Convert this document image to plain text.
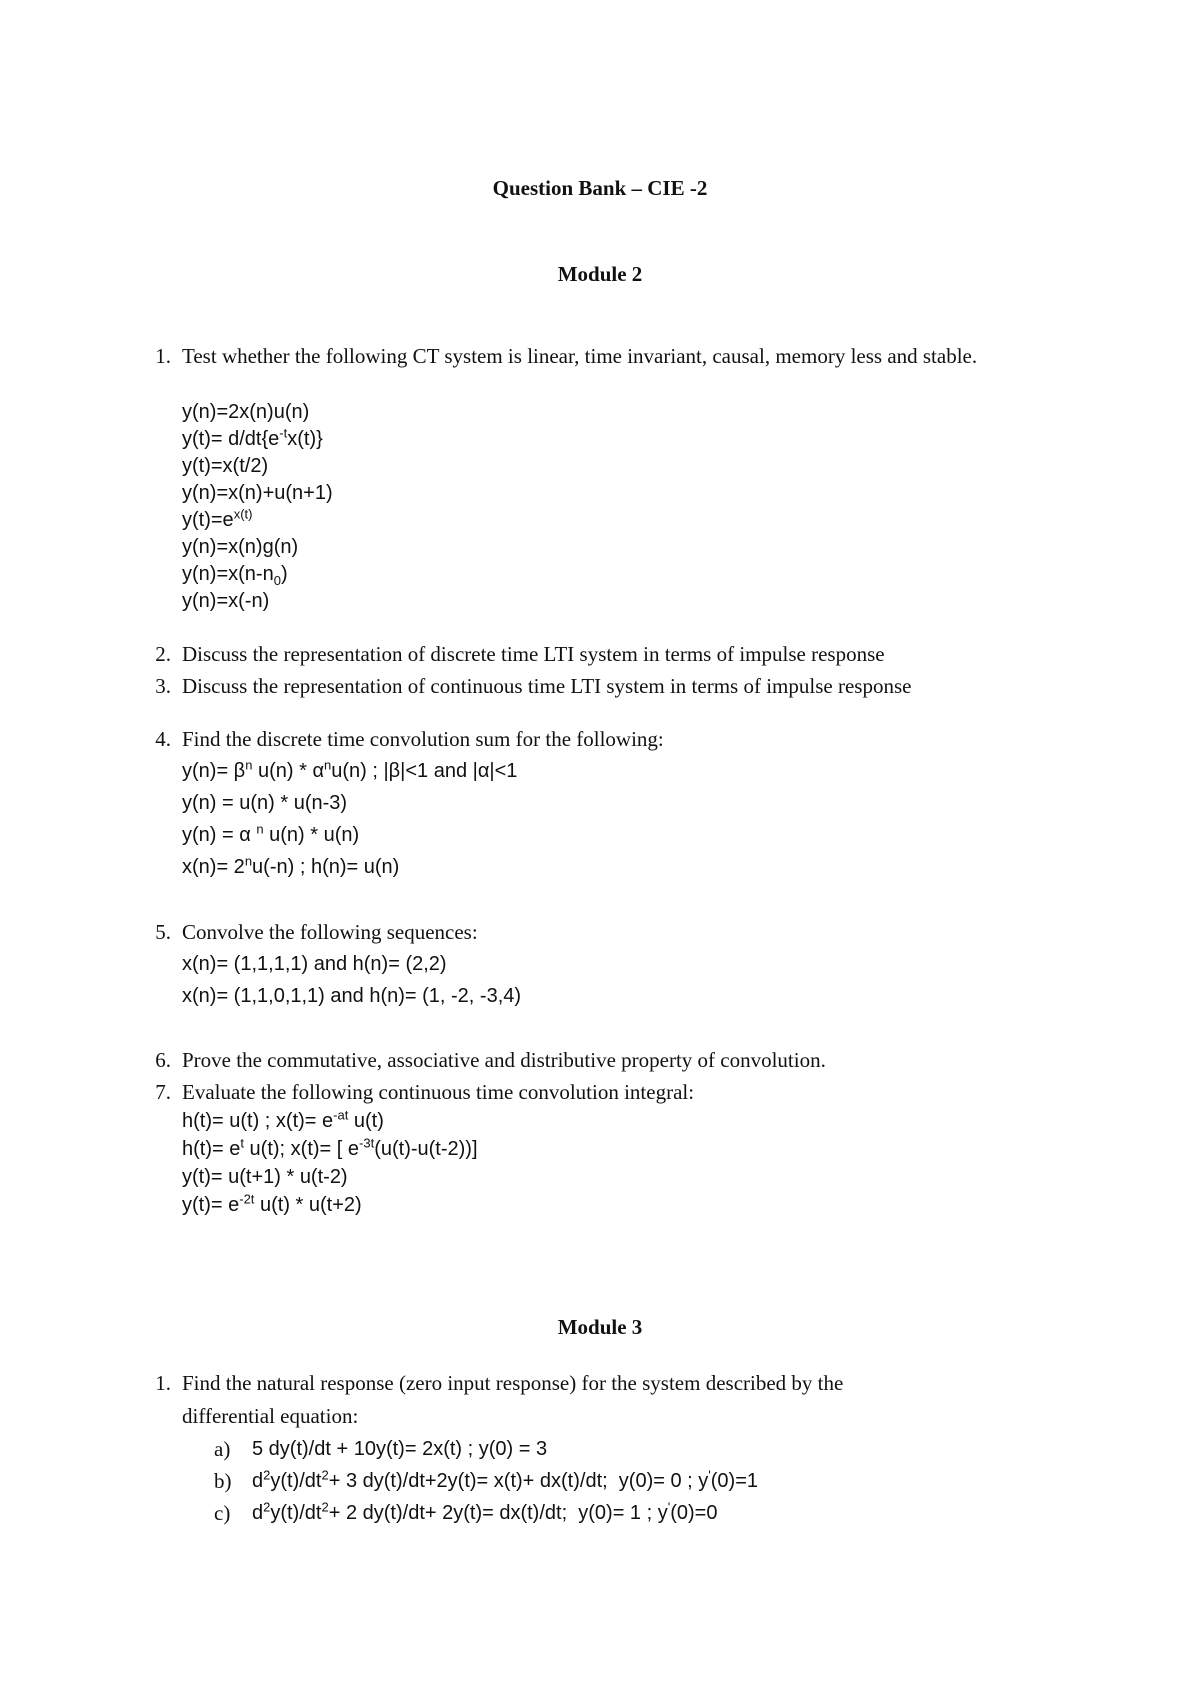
Question Bank – CIE -2
Module 2
1. Test whether the following CT system is linear, time invariant, causal, memory less and stable.
y(n)=2x(n)u(n)
$y(t)= d/dt\{e^{-t}x(t)\}$
y(t)=x(t/2)
y(n)=x(n)+u(n+1)
$y(t)=e^{x(t)}$
y(n)=x(n)g(n)
$y(n)=x(n-n_0)$
y(n)=x(-n)
2. Discuss the representation of discrete time LTI system in terms of impulse response
3. Discuss the representation of continuous time LTI system in terms of impulse response
4. Find the discrete time convolution sum for the following:
$y(n)= \beta^n$ $u(n) * \alpha^nu(n)$ ; |β|<1 and |α|<1
y(n) = u(n) * u(n-3)
y(n) = α $^n$ u(n) * u(n)
$x(n)= 2^nu(-n)$ ; h(n)= u(n)
5. Convolve the following sequences:
x(n)= (1,1,1,1) and h(n)= (2,2)
x(n)= (1,1,0,1,1) and h(n)= (1, -2, -3,4)
6. Prove the commutative, associative and distributive property of convolution.
7. Evaluate the following continuous time convolution integral:
h(t)= u(t) ; $x(t)= e^{-at}$ u(t)
$h(t)= e^t$ u(t); x(t)= [ $e^{-3t}(u(t)-u(t-2))$]
y(t)= u(t+1) * u(t-2)
$y(t)= e^{-2t}$ u(t) * u(t+2)
Module 3
1. Find the natural response (zero input response) for the system described by the
differential equation:
a)	5 dy(t)/dt + 10y(t)= 2x(t) ; y(0) = 3
b)	$d^2y(t)/dt^2+ 3$ dy(t)/dt+2y(t)= x(t)+ dx(t)/dt;  y(0)= 0 ; y'(0)=1
c)	$d^2y(t)/dt^2+ 2$ dy(t)/dt+ 2y(t)= dx(t)/dt;  y(0)= 1 ; y'(0)=0
